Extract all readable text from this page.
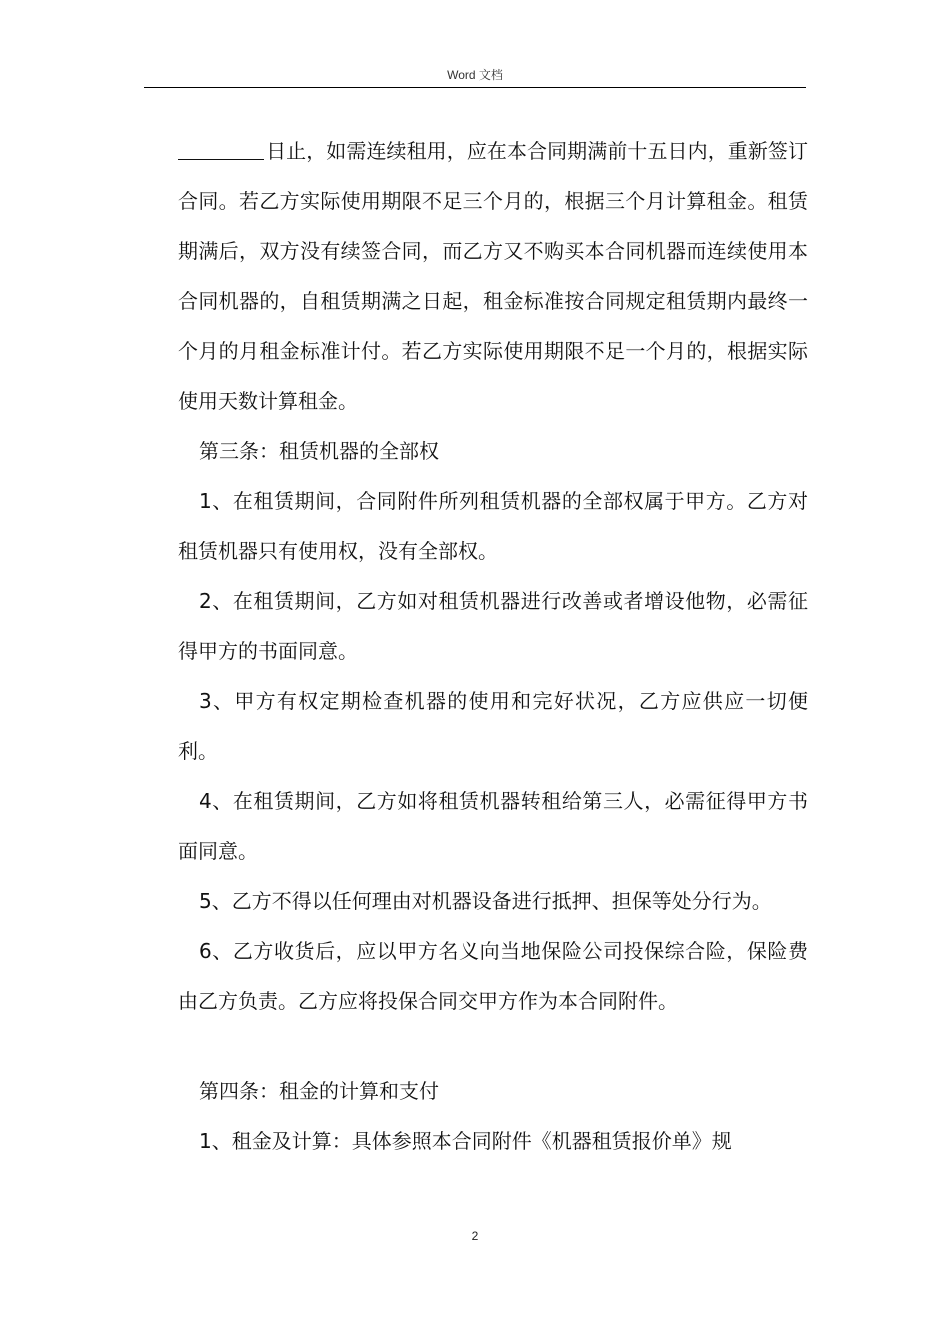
Word 文档

日止，如需连续租用，应在本合同期满前十五日内，重新签订合同。若乙方实际使用期限不足三个月的，根据三个月计算租金。租赁期满后，双方没有续签合同，而乙方又不购买本合同机器而连续使用本合同机器的，自租赁期满之日起，租金标准按合同规定租赁期内最终一个月的月租金标准计付。若乙方实际使用期限不足一个月的，根据实际使用天数计算租金。

第三条：租赁机器的全部权

1、在租赁期间，合同附件所列租赁机器的全部权属于甲方。乙方对租赁机器只有使用权，没有全部权。

2、在租赁期间，乙方如对租赁机器进行改善或者增设他物，必需征得甲方的书面同意。

3、甲方有权定期检查机器的使用和完好状况，乙方应供应一切便利。

4、在租赁期间，乙方如将租赁机器转租给第三人，必需征得甲方书面同意。

5、乙方不得以任何理由对机器设备进行抵押、担保等处分行为。

6、乙方收货后，应以甲方名义向当地保险公司投保综合险，保险费由乙方负责。乙方应将投保合同交甲方作为本合同附件。

第四条：租金的计算和支付

1、租金及计算：具体参照本合同附件《机器租赁报价单》规

2
